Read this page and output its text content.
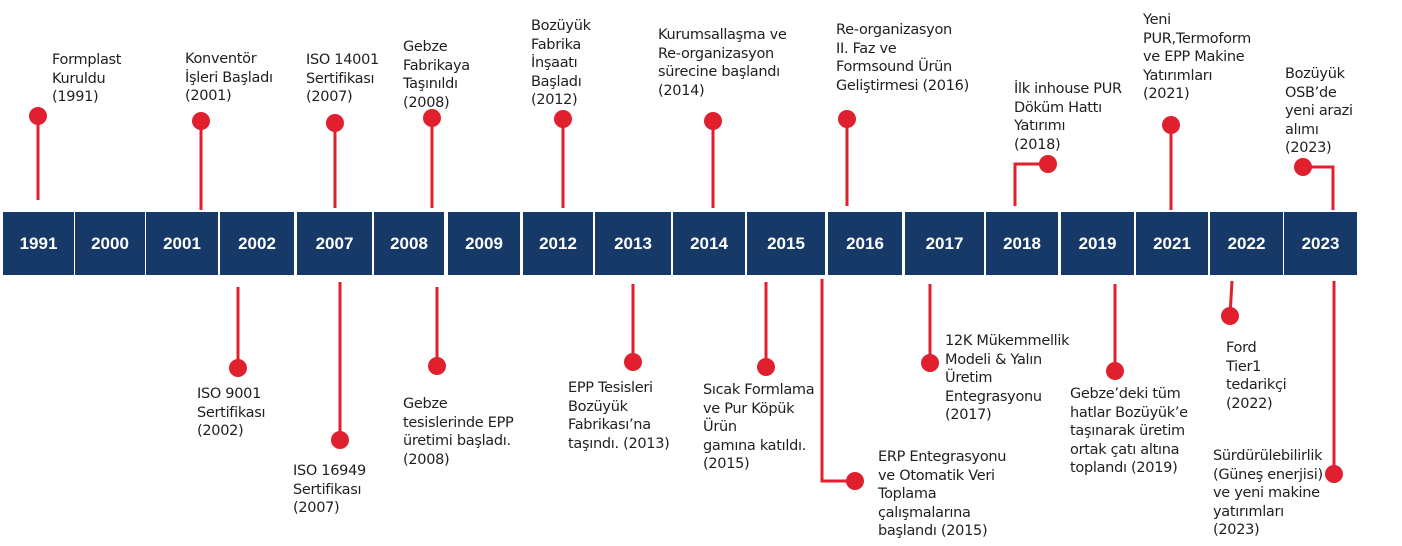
1991	2000	2001	2002	2007	2008	2009	2012	2013	2014	2015	2016	2017	2018	2019	2021	2022	2023
Formplast
Kuruldu
(1991)
Konventör
İşleri Başladı
(2001)
ISO 9001
Sertifikası
(2002)
ISO 14001
Sertifikası
(2007)
ISO 16949
Sertifikası
(2007)
Gebze
Fabrikaya
Taşınıldı
(2008)
Gebze
tesislerinde EPP
üretimi başladı.
(2008)
Bozüyük
Fabrika
İnşaatı
Başladı
(2012)
EPP Tesisleri
Bozüyük
Fabrikası’na
taşındı. (2013)
Kurumsallaşma ve
Re-organizasyon
sürecine başlandı
(2014)
Sıcak Formlama
ve Pur Köpük
Ürün
gamına katıldı.
(2015)	ERP Entegrasyonu
ve Otomatik Veri
Toplama
çalışmalarına
başlandı (2015)
Re-organizasyon
II. Faz ve
Formsound Ürün
Geliştirmesi (2016)
12K Mükemmellik
Modeli & Yalın
Üretim
Entegrasyonu
(2017)
İlk inhouse PUR
Döküm Hattı
Yatırımı
(2018)
Gebze’deki tüm
hatlar Bozüyük’e
taşınarak üretim
ortak çatı altına
toplandı (2019)
Yeni
PUR,Termoform
ve EPP Makine
Yatırımları
(2021)
Ford
Tier1
tedarikçi
(2022)
Bozüyük
OSB’de
yeni arazi
alımı
(2023)
Sürdürülebilirlik
(Güneş enerjisi)
ve yeni makine
yatırımları
(2023)
